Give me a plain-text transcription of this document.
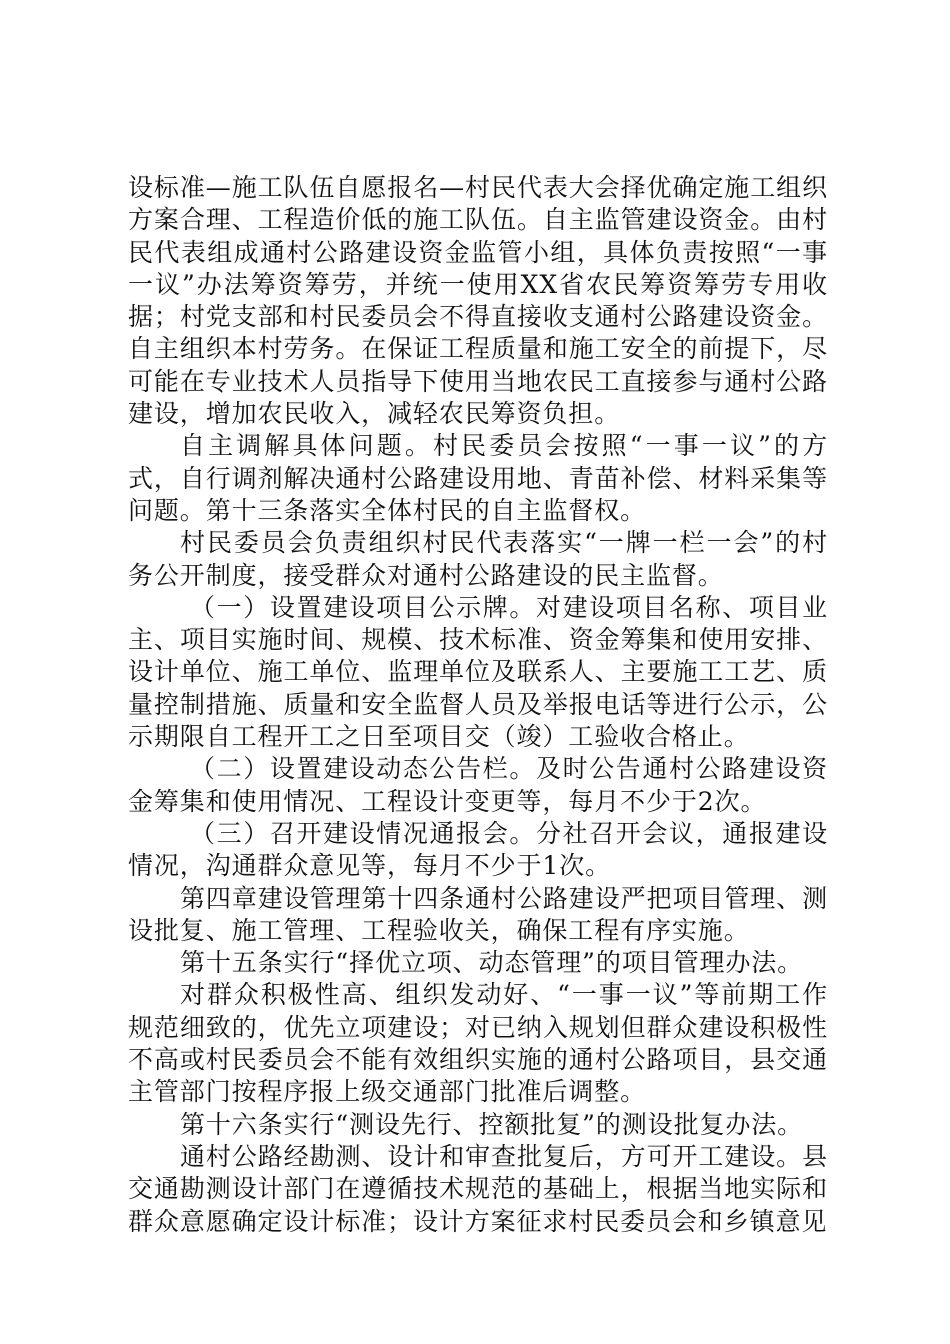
设标准—施工队伍自愿报名—村民代表大会择优确定施工组织方案合理、工程造价低的施工队伍。自主监管建设资金。由村民代表组成通村公路建设资金监管小组，具体负责按照“一事一议”办法筹资筹劳，并统一使用XX省农民筹资筹劳专用收据；村党支部和村民委员会不得直接收支通村公路建设资金。自主组织本村劳务。在保证工程质量和施工安全的前提下，尽可能在专业技术人员指导下使用当地农民工直接参与通村公路建设，增加农民收入，减轻农民筹资负担。

自主调解具体问题。村民委员会按照“一事一议”的方式，自行调剂解决通村公路建设用地、青苗补偿、材料采集等问题。第十三条落实全体村民的自主监督权。

村民委员会负责组织村民代表落实“一牌一栏一会”的村务公开制度，接受群众对通村公路建设的民主监督。

（一）设置建设项目公示牌。对建设项目名称、项目业主、项目实施时间、规模、技术标准、资金筹集和使用安排、设计单位、施工单位、监理单位及联系人、主要施工工艺、质量控制措施、质量和安全监督人员及举报电话等进行公示，公示期限自工程开工之日至项目交（竣）工验收合格止。

（二）设置建设动态公告栏。及时公告通村公路建设资金筹集和使用情况、工程设计变更等，每月不少于2次。

（三）召开建设情况通报会。分社召开会议，通报建设情况，沟通群众意见等，每月不少于1次。

第四章建设管理第十四条通村公路建设严把项目管理、测设批复、施工管理、工程验收关，确保工程有序实施。

第十五条实行“择优立项、动态管理”的项目管理办法。

对群众积极性高、组织发动好、“一事一议”等前期工作规范细致的，优先立项建设；对已纳入规划但群众建设积极性不高或村民委员会不能有效组织实施的通村公路项目，县交通主管部门按程序报上级交通部门批准后调整。

第十六条实行“测设先行、控额批复”的测设批复办法。

通村公路经勘测、设计和审查批复后，方可开工建设。县交通勘测设计部门在遵循技术规范的基础上，根据当地实际和群众意愿确定设计标准；设计方案征求村民委员会和乡镇意见
